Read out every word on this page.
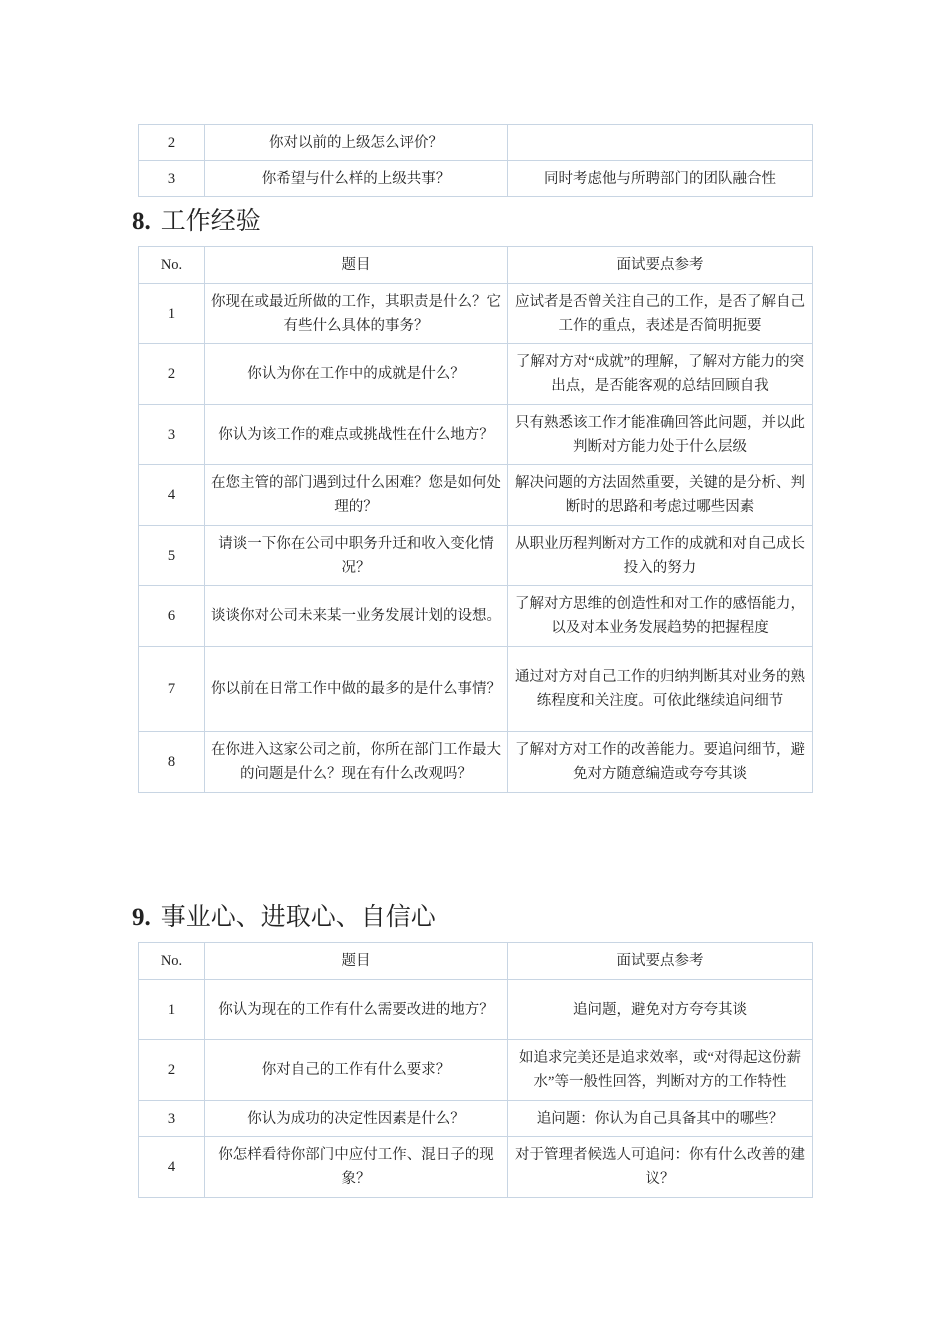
2	你对以前的上级怎么评价？	
3	你希望与什么样的上级共事？	同时考虑他与所聘部门的团队融合性
8. 工作经验
No.	题目	面试要点参考
1	你现在或最近所做的工作，其职责是什么？它有些什么具体的事务？	应试者是否曾关注自己的工作，是否了解自己工作的重点，表述是否简明扼要
2	你认为你在工作中的成就是什么？	了解对方对“成就”的理解，了解对方能力的突出点，是否能客观的总结回顾自我
3	你认为该工作的难点或挑战性在什么地方？	只有熟悉该工作才能准确回答此问题，并以此判断对方能力处于什么层级
4	在您主管的部门遇到过什么困难？您是如何处理的？	解决问题的方法固然重要，关键的是分析、判断时的思路和考虑过哪些因素
5	请谈一下你在公司中职务升迁和收入变化情况？	从职业历程判断对方工作的成就和对自己成长投入的努力
6	谈谈你对公司未来某一业务发展计划的设想。	了解对方思维的创造性和对工作的感悟能力，以及对本业务发展趋势的把握程度
7	你以前在日常工作中做的最多的是什么事情？	通过对方对自己工作的归纳判断其对业务的熟练程度和关注度。可依此继续追问细节
8	在你进入这家公司之前，你所在部门工作最大的问题是什么？现在有什么改观吗？	了解对方对工作的改善能力。要追问细节，避免对方随意编造或夸夸其谈
9. 事业心、进取心、自信心
No.	题目	面试要点参考
1	你认为现在的工作有什么需要改进的地方？	追问题，避免对方夸夸其谈
2	你对自己的工作有什么要求？	如追求完美还是追求效率，或“对得起这份薪水”等一般性回答，判断对方的工作特性
3	你认为成功的决定性因素是什么？	追问题：你认为自己具备其中的哪些？
4	你怎样看待你部门中应付工作、混日子的现象？	对于管理者候选人可追问：你有什么改善的建议？
